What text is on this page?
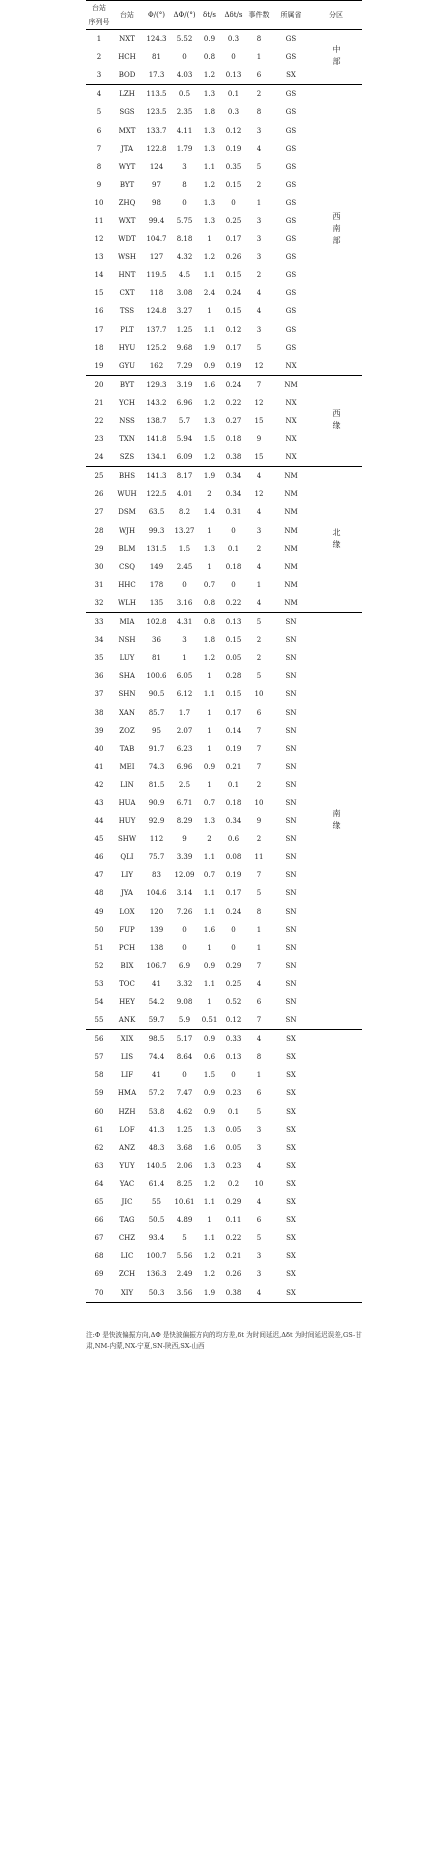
台站	台站	Φ/(°)	ΔΦ/(°)	δt/s	Δδt/s	事件数	所属省	分区
序列号
1	NXT	124.3	5.52	0.9	0.3	8	GS	中部
2	HCH	81	0	0.8	0	1	GS	
3	BOD	17.3	4.03	1.2	0.13	6	SX	
4	LZH	113.5	0.5	1.3	0.1	2	GS	西南部
5	SGS	123.5	2.35	1.8	0.3	8	GS	
6	MXT	133.7	4.11	1.3	0.12	3	GS	
7	JTA	122.8	1.79	1.3	0.19	4	GS	
8	WYT	124	3	1.1	0.35	5	GS	
9	BYT	97	8	1.2	0.15	2	GS	
10	ZHQ	98	0	1.3	0	1	GS	
11	WXT	99.4	5.75	1.3	0.25	3	GS	
12	WDT	104.7	8.18	1	0.17	3	GS	
13	WSH	127	4.32	1.2	0.26	3	GS	
14	HNT	119.5	4.5	1.1	0.15	2	GS	
15	CXT	118	3.08	2.4	0.24	4	GS	
16	TSS	124.8	3.27	1	0.15	4	GS	
17	PLT	137.7	1.25	1.1	0.12	3	GS	
18	HYU	125.2	9.68	1.9	0.17	5	GS	
19	GYU	162	7.29	0.9	0.19	12	NX	
20	BYT	129.3	3.19	1.6	0.24	7	NM	西缘
21	YCH	143.2	6.96	1.2	0.22	12	NX	
22	NSS	138.7	5.7	1.3	0.27	15	NX	
23	TXN	141.8	5.94	1.5	0.18	9	NX	
24	SZS	134.1	6.09	1.2	0.38	15	NX	
25	BHS	141.3	8.17	1.9	0.34	4	NM	北缘
26	WUH	122.5	4.01	2	0.34	12	NM	
27	DSM	63.5	8.2	1.4	0.31	4	NM	
28	WJH	99.3	13.27	1	0	3	NM	
29	BLM	131.5	1.5	1.3	0.1	2	NM	
30	CSQ	149	2.45	1	0.18	4	NM	
31	HHC	178	0	0.7	0	1	NM	
32	WLH	135	3.16	0.8	0.22	4	NM	
33	MIA	102.8	4.31	0.8	0.13	5	SN	南缘
34	NSH	36	3	1.8	0.15	2	SN	
35	LUY	81	1	1.2	0.05	2	SN	
36	SHA	100.6	6.05	1	0.28	5	SN	
37	SHN	90.5	6.12	1.1	0.15	10	SN	
38	XAN	85.7	1.7	1	0.17	6	SN	
39	ZOZ	95	2.07	1	0.14	7	SN	
40	TAB	91.7	6.23	1	0.19	7	SN	
41	MEI	74.3	6.96	0.9	0.21	7	SN	
42	LIN	81.5	2.5	1	0.1	2	SN	
43	HUA	90.9	6.71	0.7	0.18	10	SN	
44	HUY	92.9	8.29	1.3	0.34	9	SN	
45	SHW	112	9	2	0.6	2	SN	
46	QLI	75.7	3.39	1.1	0.08	11	SN	
47	LIY	83	12.09	0.7	0.19	7	SN	
48	JYA	104.6	3.14	1.1	0.17	5	SN	
49	LOX	120	7.26	1.1	0.24	8	SN	
50	FUP	139	0	1.6	0	1	SN	
51	PCH	138	0	1	0	1	SN	
52	BIX	106.7	6.9	0.9	0.29	7	SN	
53	TOC	41	3.32	1.1	0.25	4	SN	
54	HEY	54.2	9.08	1	0.52	6	SN	
55	ANK	59.7	5.9	0.51	0.12	7	SN	
56	XIX	98.5	5.17	0.9	0.33	4	SX	
57	LIS	74.4	8.64	0.6	0.13	8	SX	
58	LIF	41	0	1.5	0	1	SX	
59	HMA	57.2	7.47	0.9	0.23	6	SX	
60	HZH	53.8	4.62	0.9	0.1	5	SX	
61	LOF	41.3	1.25	1.3	0.05	3	SX	
62	ANZ	48.3	3.68	1.6	0.05	3	SX	
63	YUY	140.5	2.06	1.3	0.23	4	SX	
64	YAC	61.4	8.25	1.2	0.2	10	SX	
65	JIC	55	10.61	1.1	0.29	4	SX	
66	TAG	50.5	4.89	1	0.11	6	SX	
67	CHZ	93.4	5	1.1	0.22	5	SX	
68	LIC	100.7	5.56	1.2	0.21	3	SX	
69	ZCH	136.3	2.49	1.2	0.26	3	SX	
70	XIY	50.3	3.56	1.9	0.38	4	SX	
注:Φ 是快波偏振方向,ΔΦ 是快波偏振方向的均方差,δt 为时间延迟,Δδt 为时间延迟误差,GS-甘肃,NM-内蒙,NX-宁夏,SN-陕西,SX-山西
